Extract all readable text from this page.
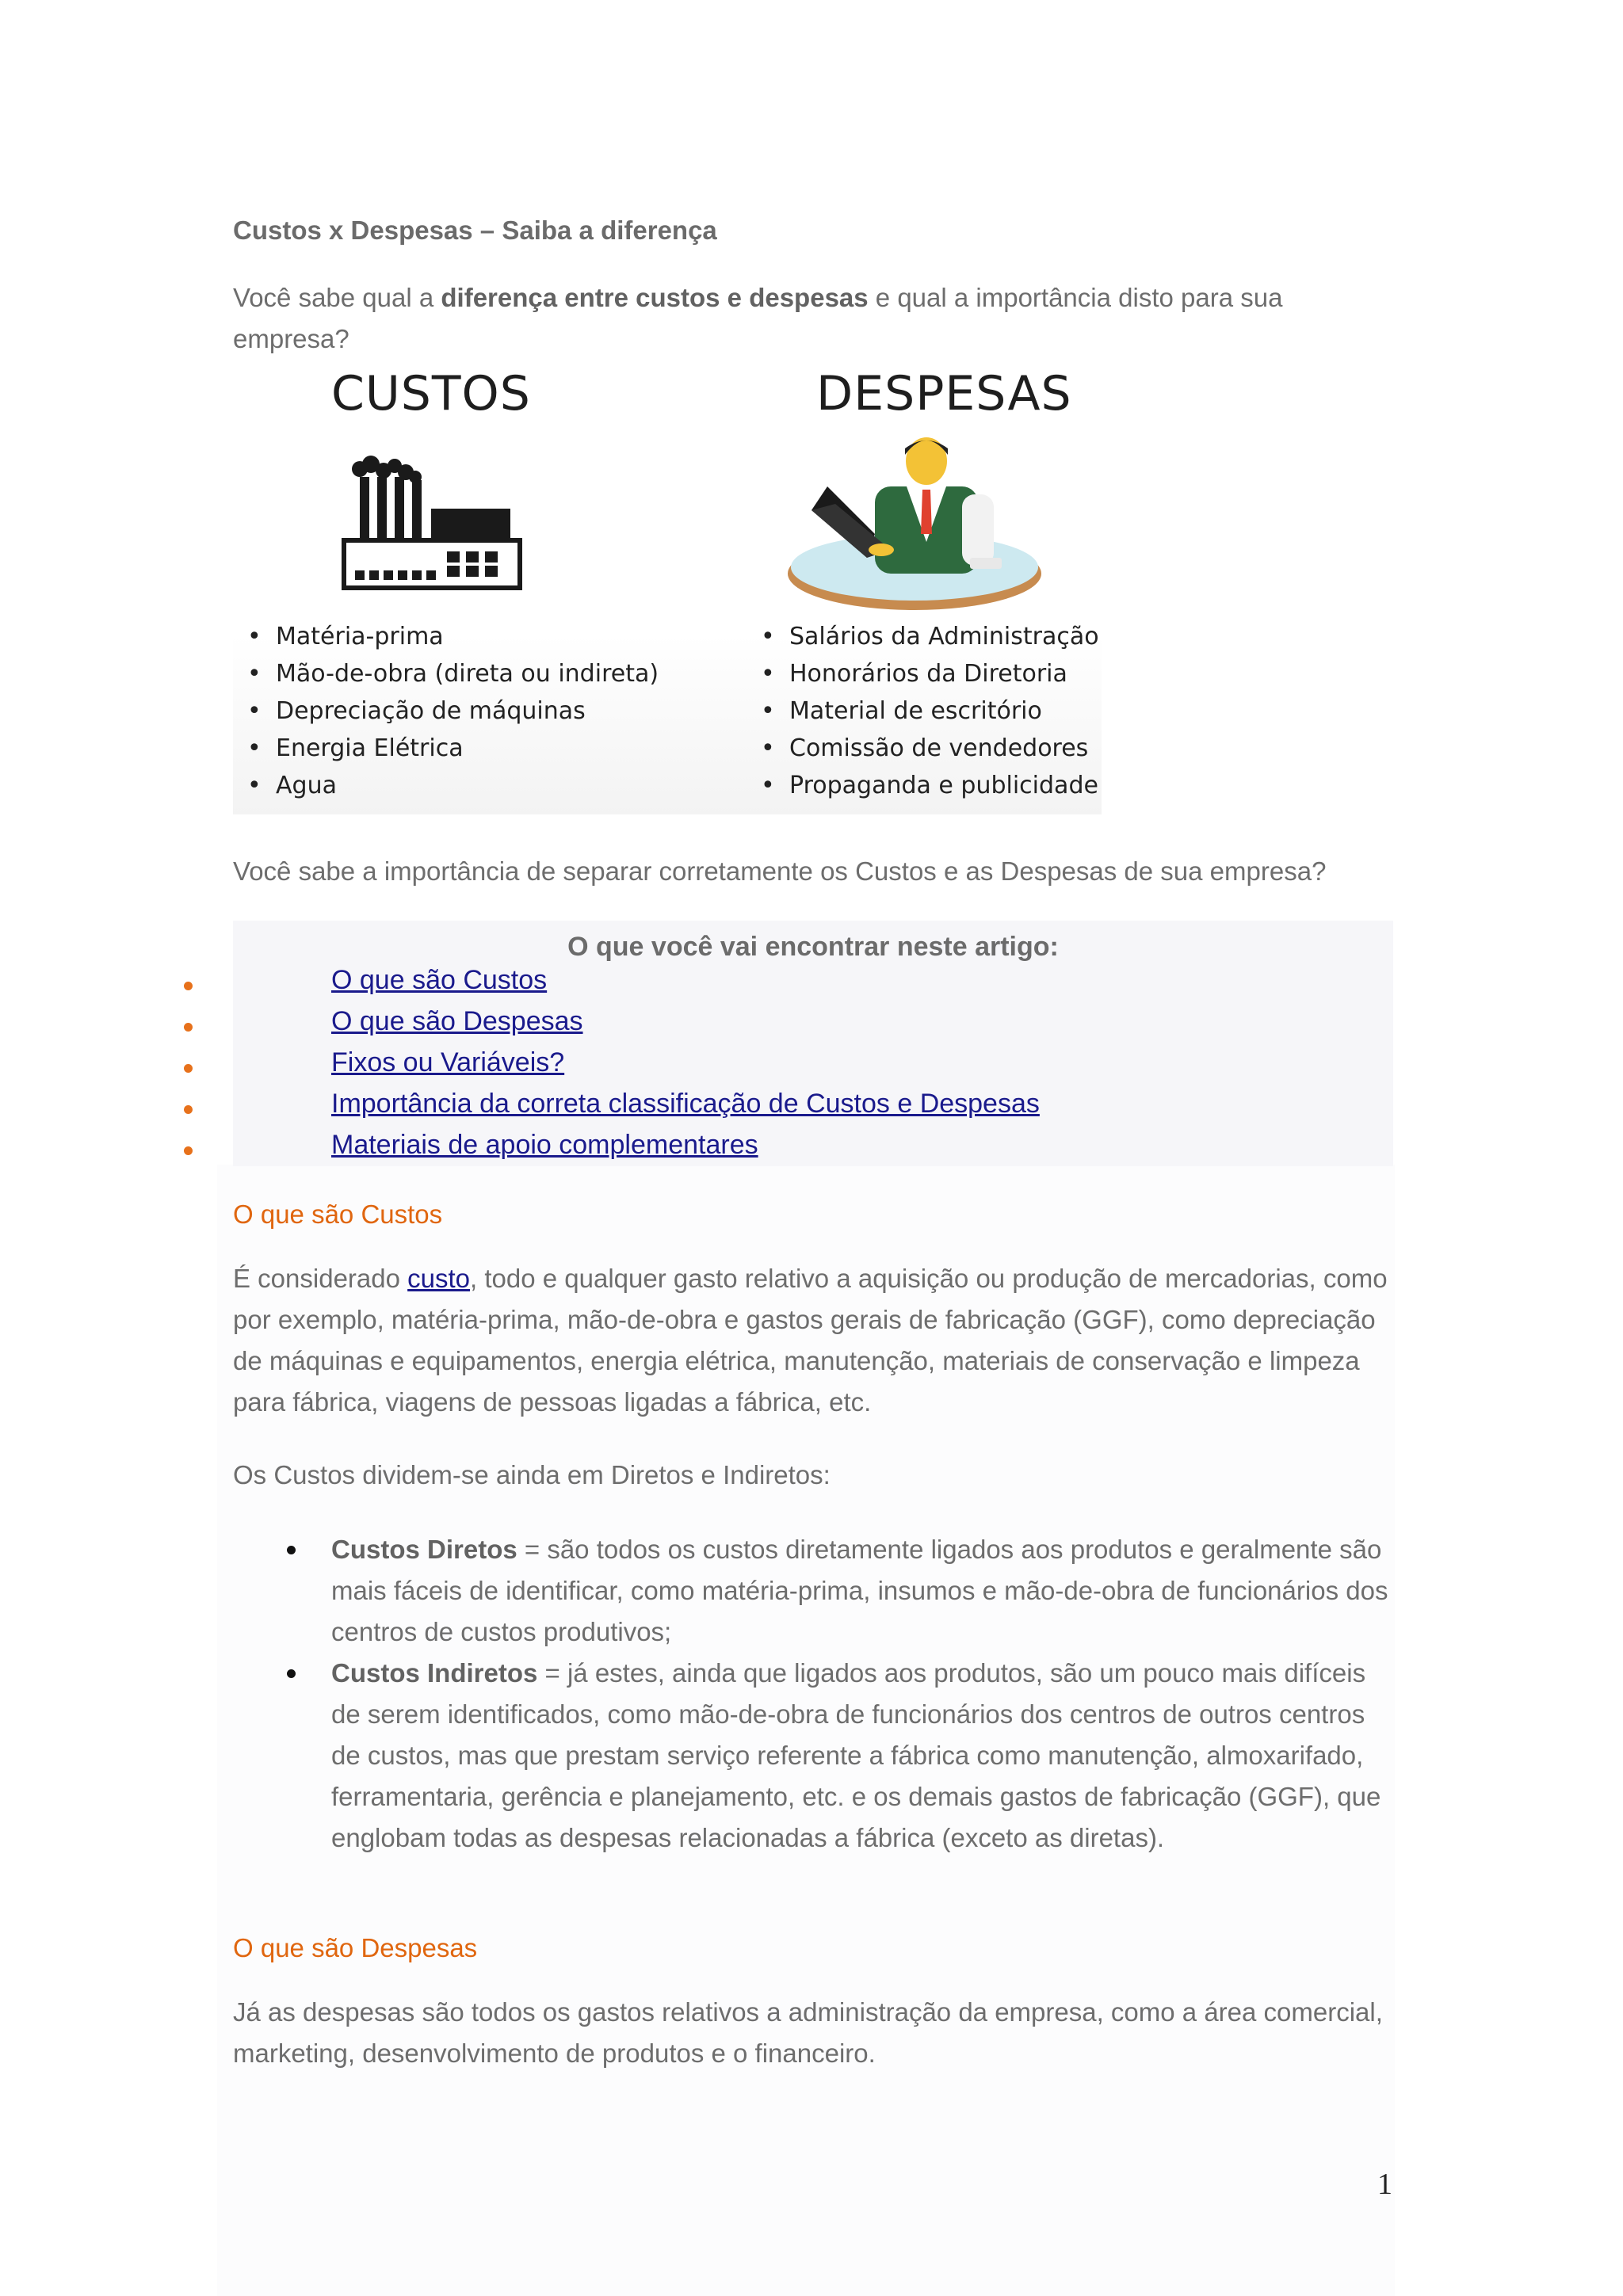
Custos x Despesas – Saiba a diferença
Você sabe qual a diferença entre custos e despesas e qual a importância disto para sua empresa?
CUSTOS	DESPESAS
• Matéria-prima
• Mão-de-obra (direta ou indireta)
• Depreciação de máquinas
• Energia Elétrica
• Agua
• Salários da Administração
• Honorários da Diretoria
• Material de escritório
• Comissão de vendedores
• Propaganda e publicidade
Você sabe a importância de separar corretamente os Custos e as Despesas de sua empresa?
O que você vai encontrar neste artigo:
O que são Custos
O que são Despesas
Fixos ou Variáveis?
Importância da correta classificação de Custos e Despesas
Materiais de apoio complementares
O que são Custos
É considerado custo, todo e qualquer gasto relativo a aquisição ou produção de mercadorias, como por exemplo, matéria-prima, mão-de-obra e gastos gerais de fabricação (GGF), como depreciação de máquinas e equipamentos, energia elétrica, manutenção, materiais de conservação e limpeza para fábrica, viagens de pessoas ligadas a fábrica, etc.
Os Custos dividem-se ainda em Diretos e Indiretos:
Custos Diretos = são todos os custos diretamente ligados aos produtos e geralmente são mais fáceis de identificar, como matéria-prima, insumos e mão-de-obra de funcionários dos centros de custos produtivos;
Custos Indiretos = já estes, ainda que ligados aos produtos, são um pouco mais difíceis de serem identificados, como mão-de-obra de funcionários dos centros de outros centros de custos, mas que prestam serviço referente a fábrica como manutenção, almoxarifado, ferramentaria, gerência e planejamento, etc. e os demais gastos de fabricação (GGF), que englobam todas as despesas relacionadas a fábrica (exceto as diretas).
O que são Despesas
Já as despesas são todos os gastos relativos a administração da empresa, como a área comercial, marketing, desenvolvimento de produtos e o financeiro.
1
